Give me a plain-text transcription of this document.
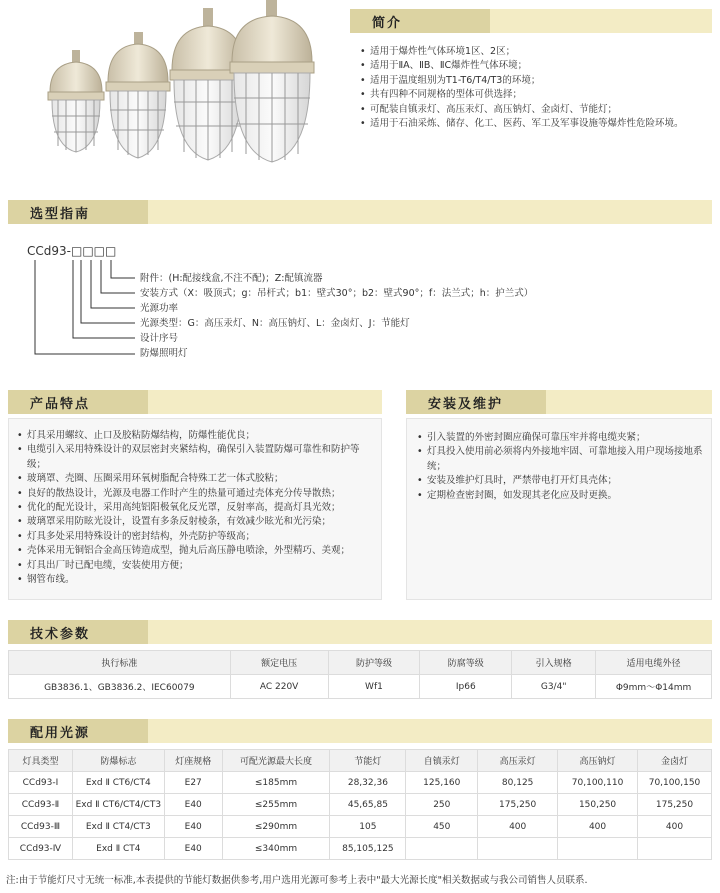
简介
• 适用于爆炸性气体环境1区、2区；
• 适用于ⅡA、ⅡB、ⅡC爆炸性气体环境；
• 适用于温度组别为T1-T6/T4/T3的环境；
• 共有四种不同规格的型体可供选择；
• 可配装自镇汞灯、高压汞灯、高压钠灯、金卤灯、节能灯；
• 适用于石油采炼、储存、化工、医药、军工及军事设施等爆炸性危险环境。
选型指南
CCd93-□□□□
附件：(H:配接线盒,不注不配)；Z:配镇流器
安装方式（X：吸顶式；g：吊杆式；b1：壁式30°；b2：壁式90°；f：法兰式；h：护兰式）
光源功率
光源类型：G：高压汞灯、N：高压钠灯、L：金卤灯、J：节能灯
设计序号
防爆照明灯
产品特点
• 灯具采用螺纹、止口及胶粘防爆结构，防爆性能优良；
• 电缆引入采用特殊设计的双层密封夹紧结构，确保引入装置防爆可靠性和防护等级；
• 玻璃罩、壳圈、压圈采用环氧树脂配合特殊工艺一体式胶粘；
• 良好的散热设计，光源及电器工作时产生的热量可通过壳体充分传导散热；
• 优化的配光设计，采用高纯铝阳极氧化反光罩，反射率高，提高灯具光效；
• 玻璃罩采用防眩光设计，设置有多条反射棱条，有效减少眩光和光污染；
• 灯具多处采用特殊设计的密封结构，外壳防护等级高；
• 壳体采用无铜铝合金高压铸造成型，抛丸后高压静电喷涂，外型精巧、美观；
• 灯具出厂时已配电缆，安装使用方便；
• 钢管布线。
安装及维护
• 引入装置的外密封圈应确保可靠压牢并将电缆夹紧；
• 灯具投入使用前必须将内外接地牢固、可靠地接入用户现场接地系统；
• 安装及维护灯具时，严禁带电打开灯具壳体；
• 定期检查密封圈，如发现其老化应及时更换。
技术参数
执行标准	额定电压	防护等级	防腐等级	引入规格	适用电缆外径
GB3836.1、GB3836.2、IEC60079	AC 220V	Wf1	Ip66	G3/4"	Φ9mm～Φ14mm
配用光源
灯具类型	防爆标志	灯座规格	可配光源最大长度	节能灯	自镇汞灯	高压汞灯	高压钠灯	金卤灯
CCd93-Ⅰ	Exd Ⅱ CT6/CT4	E27	≤185mm	28,32,36	125,160	80,125	70,100,110	70,100,150
CCd93-Ⅱ	Exd Ⅱ CT6/CT4/CT3	E40	≤255mm	45,65,85	250	175,250	150,250	175,250
CCd93-Ⅲ	Exd Ⅱ CT4/CT3	E40	≤290mm	105	450	400	400	400
CCd93-Ⅳ	Exd Ⅱ CT4	E40	≤340mm	85,105,125				
注:由于节能灯尺寸无统一标准,本表提供的节能灯数据供参考,用户选用光源可参考上表中"最大光源长度"相关数据或与我公司销售人员联系.
